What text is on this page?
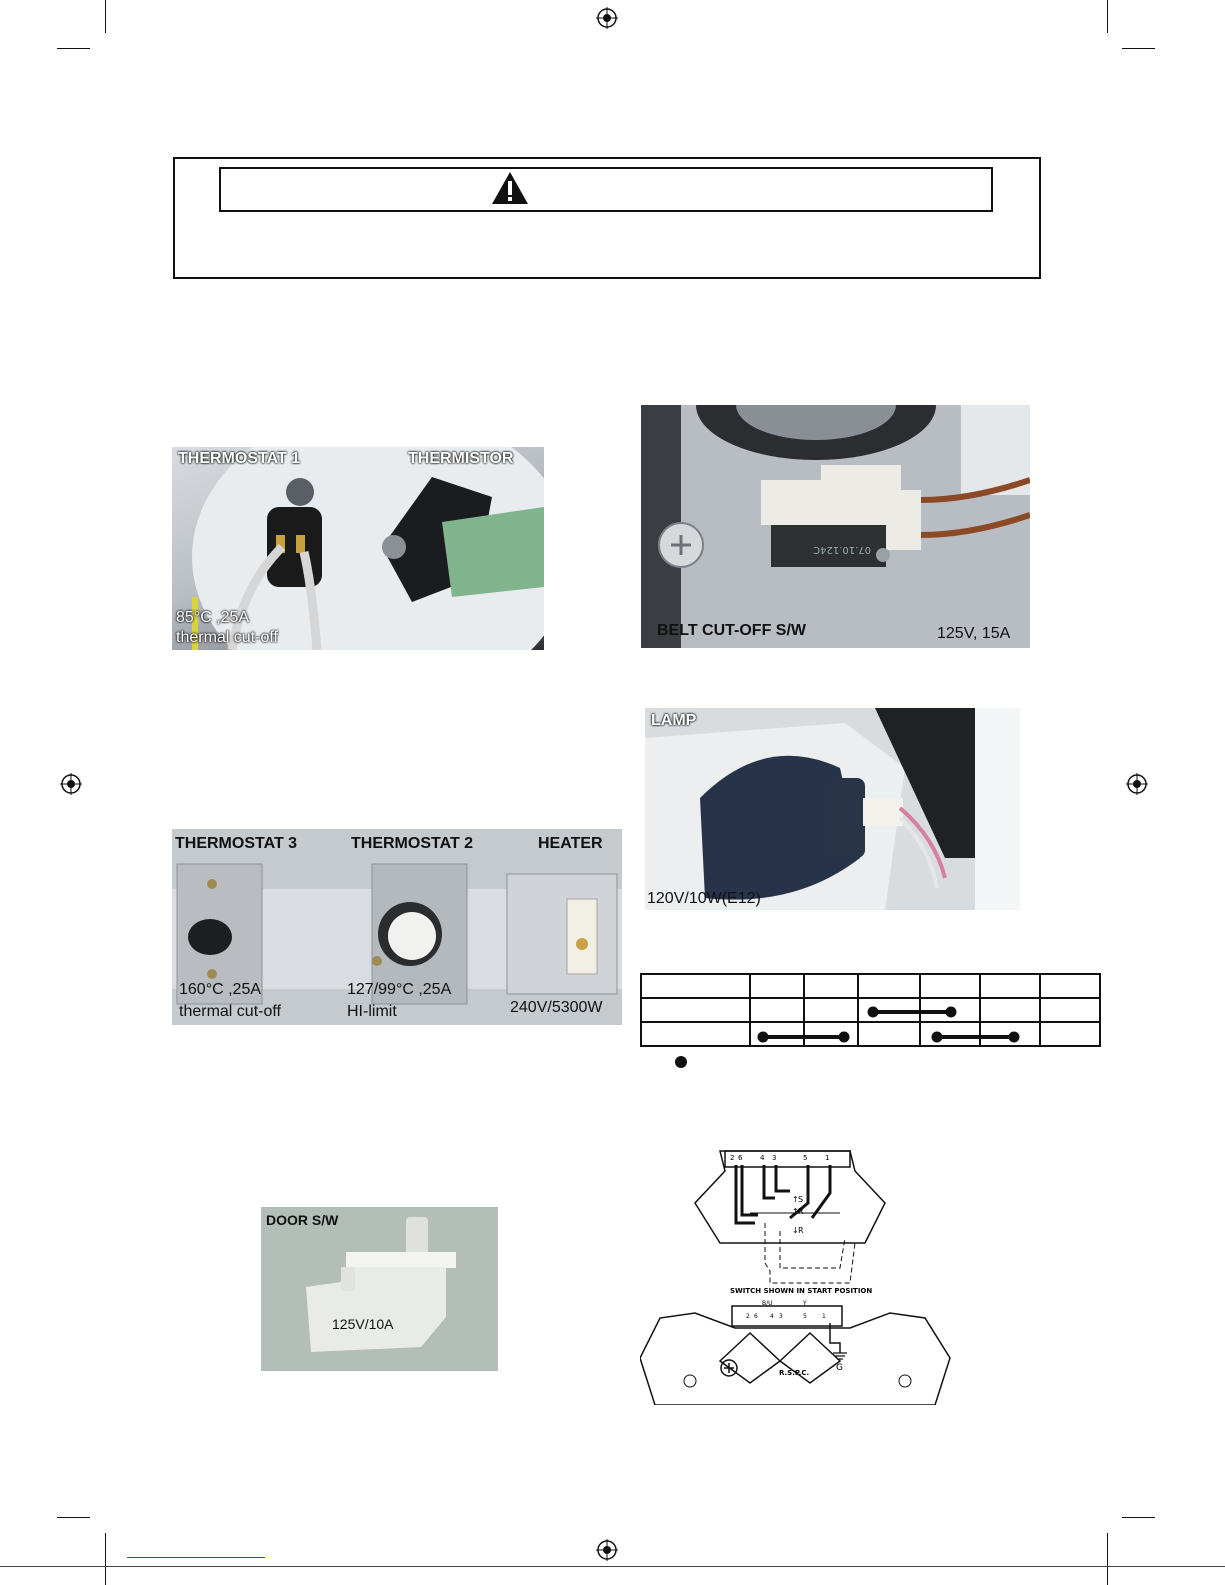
THERMOSTAT 1	THERMISTOR
85°C ,25A
thermal cut-off
07.10.124C
BELT CUT-OFF S/W	125V, 15A
LAMP
120V/10W(E12)
THERMOSTAT 3	THERMOSTAT 2	HEATER
160°C ,25A
thermal cut-off
127/99°C ,25A
HI-limit	240V/5300W

DOOR S/W
125V/10A
2 6	4 3	5	1
↑ S
↑ R
↓ R
SWITCH SHOWN IN START POSITION
B/U	Y
2 6 4 3	5	1
R.S.P.C.	G
